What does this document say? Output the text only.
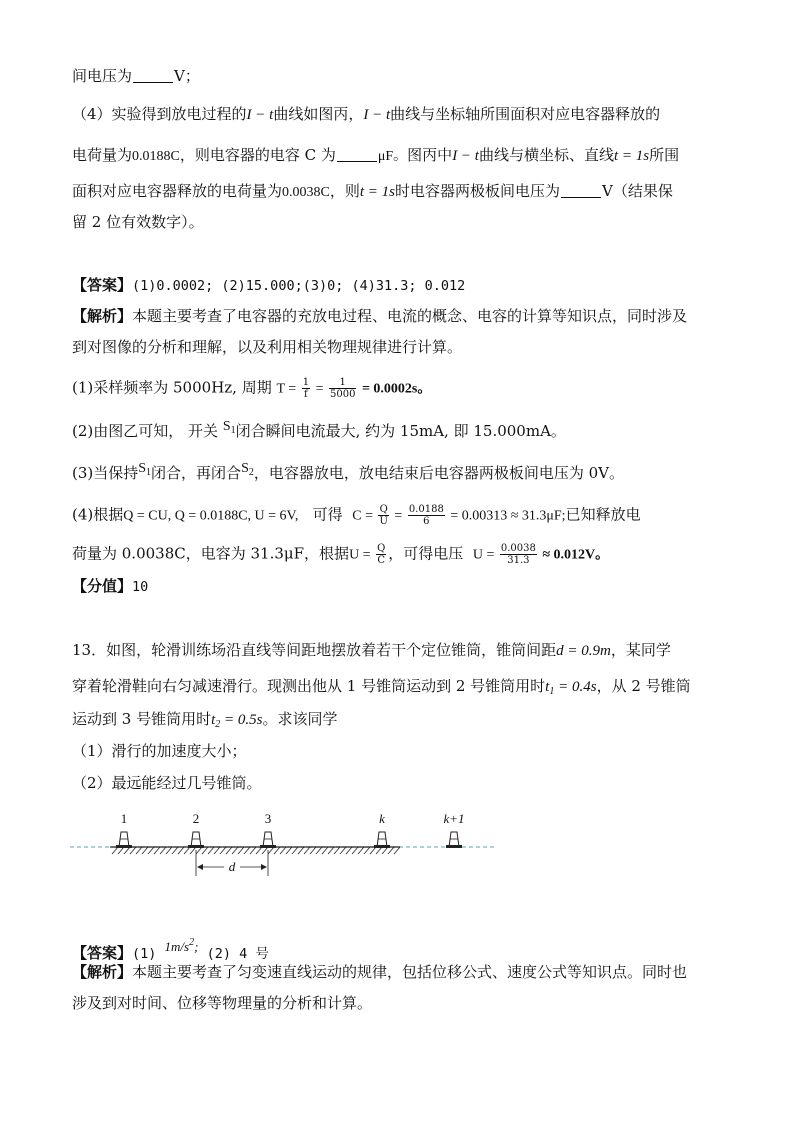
间电压为	V；
（4）实验得到放电过程的I − t曲线如图丙，I − t曲线与坐标轴所围面积对应电容器释放的
电荷量为0.0188C，则电容器的电容 C 为	μF。图丙中I − t曲线与横坐标、直线t = 1s所围
面积对应电容器释放的电荷量为0.0038C，则t = 1s时电容器两极板间电压为	V（结果保
留 2 位有效数字）。
【答案】(1)0.0002; (2)15.000;(3)0; (4)31.3; 0.012
【解析】本题主要考查了电容器的充放电过程、电流的概念、电容的计算等知识点，同时涉及
到对图像的分析和理解，以及利用相关物理规律进行计算。
(1)采样频率为 5000Hz, 周期 $T = \frac{1}{f} = \frac{1}{5000} = 0.0002s$。
(2)由图乙可知， 开关 $S_1$闭合瞬间电流最大, 约为 15mA, 即 15.000mA。
(3)当保持$S_1$闭合，再闭合$S_2$，电容器放电，放电结束后电容器两极板间电压为 0V。
(4)根据Q = CU, Q = 0.0188C, U = 6V, 可得 $C = \frac{Q}{U} = \frac{0.0188}{6} = 0.00313 \approx 31.3\mu F$;已知释放电
荷量为 0.0038C，电容为 31.3μF，根据$U = \frac{Q}{C}$ ，可得电压 $U = \frac{0.0038}{31.3} \approx 0.012V$。
【分值】10
13．如图，轮滑训练场沿直线等间距地摆放着若干个定位锥筒，锥筒间距d = 0.9m，某同学
穿着轮滑鞋向右匀减速滑行。现测出他从 1 号锥筒运动到 2 号锥筒用时$t_1 = 0.4s$，从 2 号锥筒
运动到 3 号锥筒用时$t_2 = 0.5s$。求该同学
（1）滑行的加速度大小；
（2）最远能经过几号锥筒。
1	2	3	k	k+1
d
【答案】(1) $1m/s^2$; (2) 4 号
【解析】本题主要考查了匀变速直线运动的规律，包括位移公式、速度公式等知识点。同时也
涉及到对时间、位移等物理量的分析和计算。
